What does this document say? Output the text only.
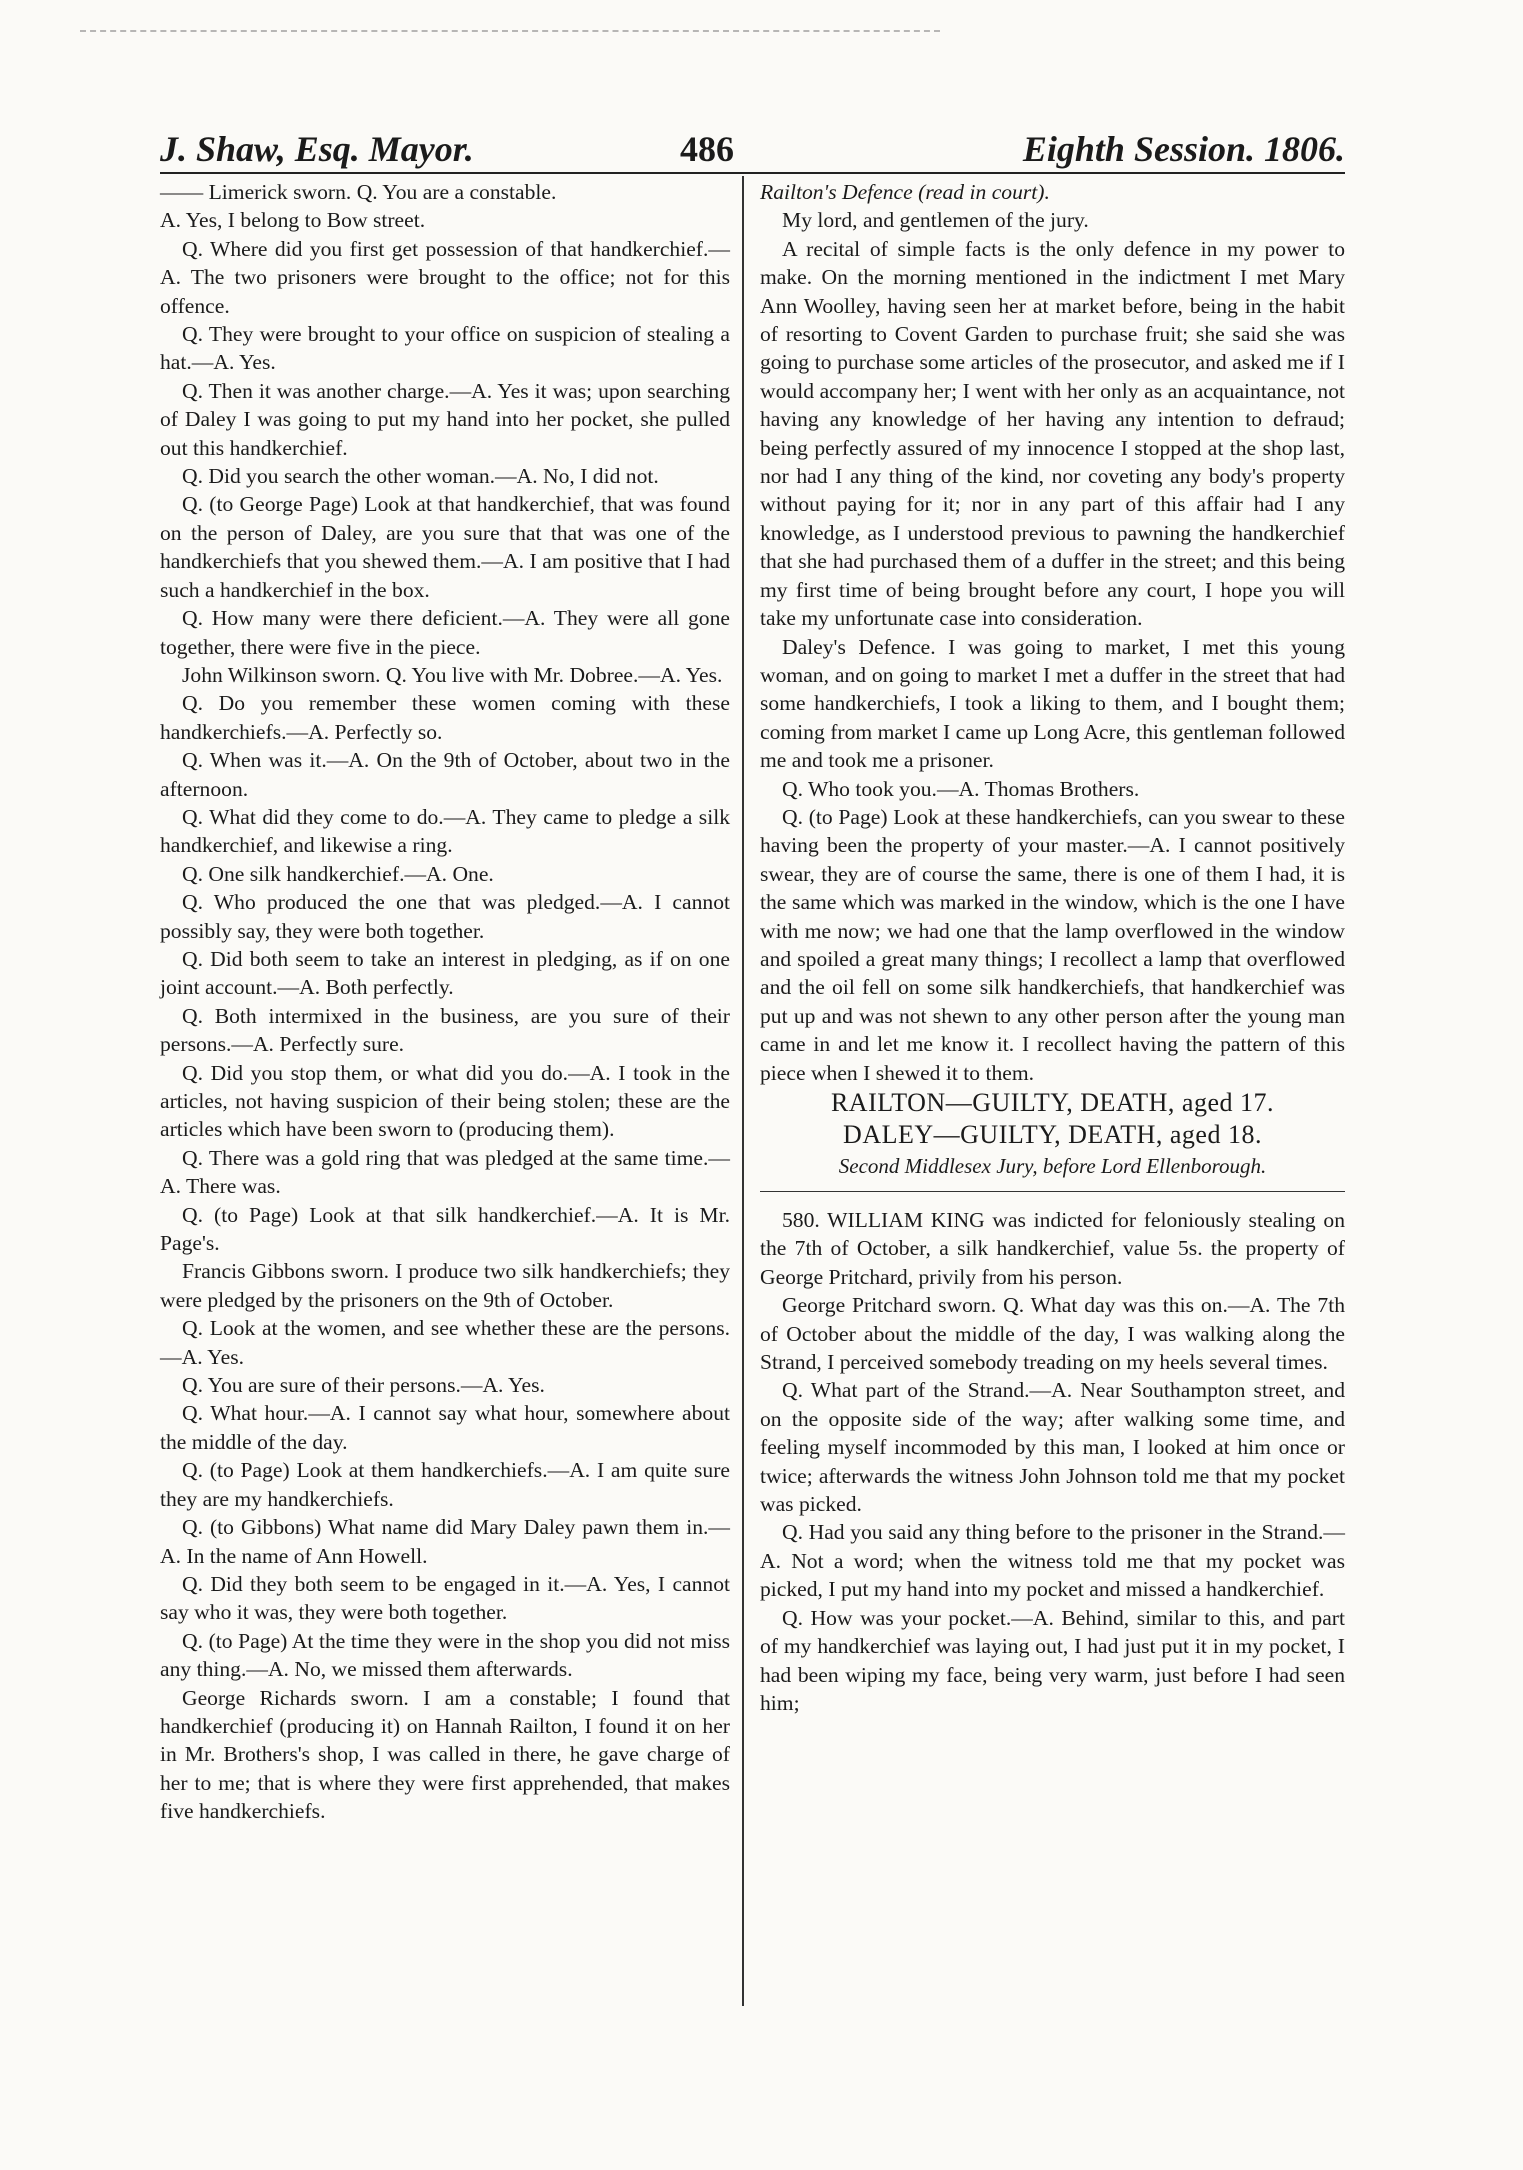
J. Shaw, Esq. Mayor.	486	Eighth Session. 1806.

—— Limerick sworn. Q. You are a constable.

A. Yes, I belong to Bow street.

Q. Where did you first get possession of that handkerchief.—A. The two prisoners were brought to the office; not for this offence.

Q. They were brought to your office on suspicion of stealing a hat.—A. Yes.

Q. Then it was another charge.—A. Yes it was; upon searching of Daley I was going to put my hand into her pocket, she pulled out this handkerchief.

Q. Did you search the other woman.—A. No, I did not.

Q. (to George Page) Look at that handkerchief, that was found on the person of Daley, are you sure that that was one of the handkerchiefs that you shewed them.—A. I am positive that I had such a handkerchief in the box.

Q. How many were there deficient.—A. They were all gone together, there were five in the piece.

John Wilkinson sworn. Q. You live with Mr. Dobree.—A. Yes.

Q. Do you remember these women coming with these handkerchiefs.—A. Perfectly so.

Q. When was it.—A. On the 9th of October, about two in the afternoon.

Q. What did they come to do.—A. They came to pledge a silk handkerchief, and likewise a ring.

Q. One silk handkerchief.—A. One.

Q. Who produced the one that was pledged.—A. I cannot possibly say, they were both together.

Q. Did both seem to take an interest in pledging, as if on one joint account.—A. Both perfectly.

Q. Both intermixed in the business, are you sure of their persons.—A. Perfectly sure.

Q. Did you stop them, or what did you do.—A. I took in the articles, not having suspicion of their being stolen; these are the articles which have been sworn to (producing them).

Q. There was a gold ring that was pledged at the same time.—A. There was.

Q. (to Page) Look at that silk handkerchief.—A. It is Mr. Page's.

Francis Gibbons sworn. I produce two silk handkerchiefs; they were pledged by the prisoners on the 9th of October.

Q. Look at the women, and see whether these are the persons.—A. Yes.

Q. You are sure of their persons.—A. Yes.

Q. What hour.—A. I cannot say what hour, somewhere about the middle of the day.

Q. (to Page) Look at them handkerchiefs.—A. I am quite sure they are my handkerchiefs.

Q. (to Gibbons) What name did Mary Daley pawn them in.—A. In the name of Ann Howell.

Q. Did they both seem to be engaged in it.—A. Yes, I cannot say who it was, they were both together.

Q. (to Page) At the time they were in the shop you did not miss any thing.—A. No, we missed them afterwards.

George Richards sworn. I am a constable; I found that handkerchief (producing it) on Hannah Railton, I found it on her in Mr. Brothers's shop, I was called in there, he gave charge of her to me; that is where they were first apprehended, that makes five handkerchiefs.

Railton's Defence (read in court).

My lord, and gentlemen of the jury.

A recital of simple facts is the only defence in my power to make. On the morning mentioned in the indictment I met Mary Ann Woolley, having seen her at market before, being in the habit of resorting to Covent Garden to purchase fruit; she said she was going to purchase some articles of the prosecutor, and asked me if I would accompany her; I went with her only as an acquaintance, not having any knowledge of her having any intention to defraud; being perfectly assured of my innocence I stopped at the shop last, nor had I any thing of the kind, nor coveting any body's property without paying for it; nor in any part of this affair had I any knowledge, as I understood previous to pawning the handkerchief that she had purchased them of a duffer in the street; and this being my first time of being brought before any court, I hope you will take my unfortunate case into consideration.

Daley's Defence. I was going to market, I met this young woman, and on going to market I met a duffer in the street that had some handkerchiefs, I took a liking to them, and I bought them; coming from market I came up Long Acre, this gentleman followed me and took me a prisoner.

Q. Who took you.—A. Thomas Brothers.

Q. (to Page) Look at these handkerchiefs, can you swear to these having been the property of your master.—A. I cannot positively swear, they are of course the same, there is one of them I had, it is the same which was marked in the window, which is the one I have with me now; we had one that the lamp overflowed in the window and spoiled a great many things; I recollect a lamp that overflowed and the oil fell on some silk handkerchiefs, that handkerchief was put up and was not shewn to any other person after the young man came in and let me know it. I recollect having the pattern of this piece when I shewed it to them.

RAILTON—GUILTY, DEATH, aged 17.

DALEY—GUILTY, DEATH, aged 18.

Second Middlesex Jury, before Lord Ellenborough.

580. WILLIAM KING was indicted for feloniously stealing on the 7th of October, a silk handkerchief, value 5s. the property of George Pritchard, privily from his person.

George Pritchard sworn. Q. What day was this on.—A. The 7th of October about the middle of the day, I was walking along the Strand, I perceived somebody treading on my heels several times.

Q. What part of the Strand.—A. Near Southampton street, and on the opposite side of the way; after walking some time, and feeling myself incommoded by this man, I looked at him once or twice; afterwards the witness John Johnson told me that my pocket was picked.

Q. Had you said any thing before to the prisoner in the Strand.—A. Not a word; when the witness told me that my pocket was picked, I put my hand into my pocket and missed a handkerchief.

Q. How was your pocket.—A. Behind, similar to this, and part of my handkerchief was laying out, I had just put it in my pocket, I had been wiping my face, being very warm, just before I had seen him;
